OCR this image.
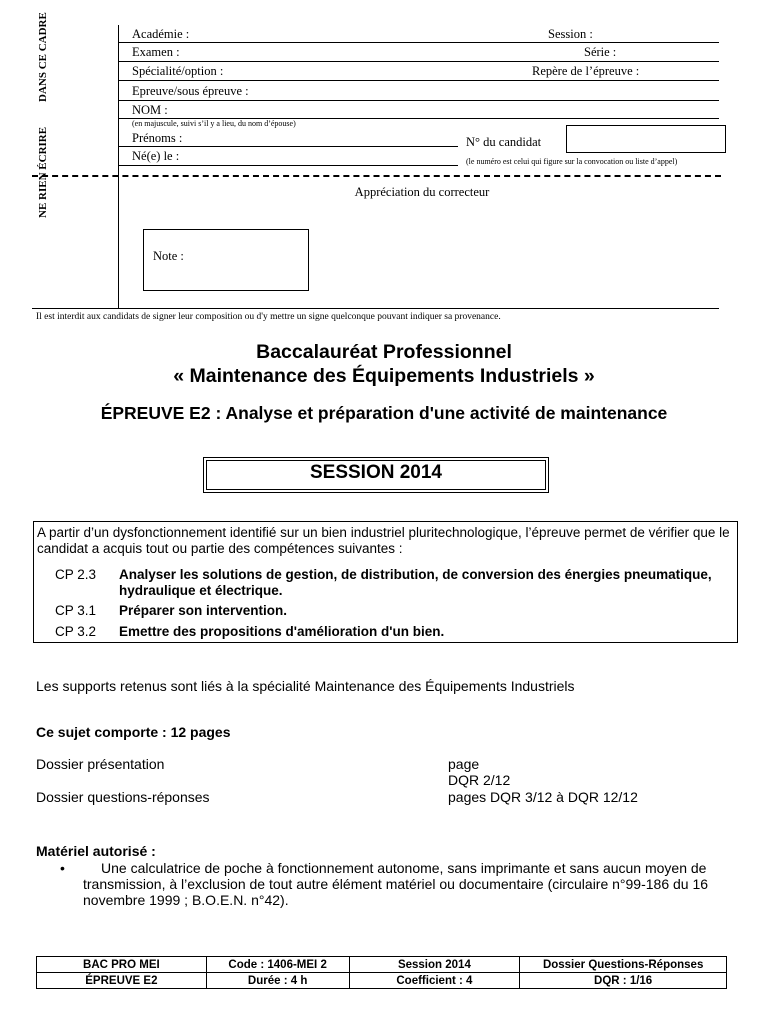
DANS CE CADRE
NE RIEN ÉCRIRE
Académie :	Session :
Examen :	Série :
Spécialité/option :	Repère de l’épreuve :
Epreuve/sous épreuve :
NOM :
(en majuscule, suivi s’il y a lieu, du nom d’épouse)
Prénoms :	N° du candidat
(le numéro est celui qui figure sur la convocation ou liste d’appel)
Né(e) le :
Appréciation du correcteur
Note :
Il est interdit aux candidats de signer leur composition ou d'y mettre un signe quelconque pouvant indiquer sa provenance.
Baccalauréat Professionnel
« Maintenance des Équipements Industriels »
ÉPREUVE E2 : Analyse et préparation d'une activité de maintenance
SESSION 2014
A partir d’un dysfonctionnement identifié sur un bien industriel pluritechnologique, l’épreuve permet de vérifier que le candidat a acquis tout ou partie des compétences suivantes :
CP 2.3	Analyser les solutions de gestion, de distribution, de conversion des énergies pneumatique, hydraulique et électrique.
CP 3.1	Préparer son intervention.
CP 3.2	Emettre des propositions d'amélioration d'un bien.
Les supports retenus sont liés à la spécialité Maintenance des Équipements Industriels
Ce sujet comporte : 12 pages
Dossier présentation	page
DQR 2/12
Dossier questions-réponses	pages DQR 3/12 à DQR 12/12
Matériel autorisé :
•	Une calculatrice de poche à fonctionnement autonome, sans imprimante et sans aucun moyen de transmission, à l’exclusion de tout autre élément matériel ou documentaire (circulaire n°99-186 du 16 novembre 1999 ; B.O.E.N. n°42).
BAC PRO MEI	Code : 1406-MEI 2	Session 2014	Dossier Questions-Réponses
ÉPREUVE E2	Durée : 4 h	Coefficient : 4	DQR : 1/16
